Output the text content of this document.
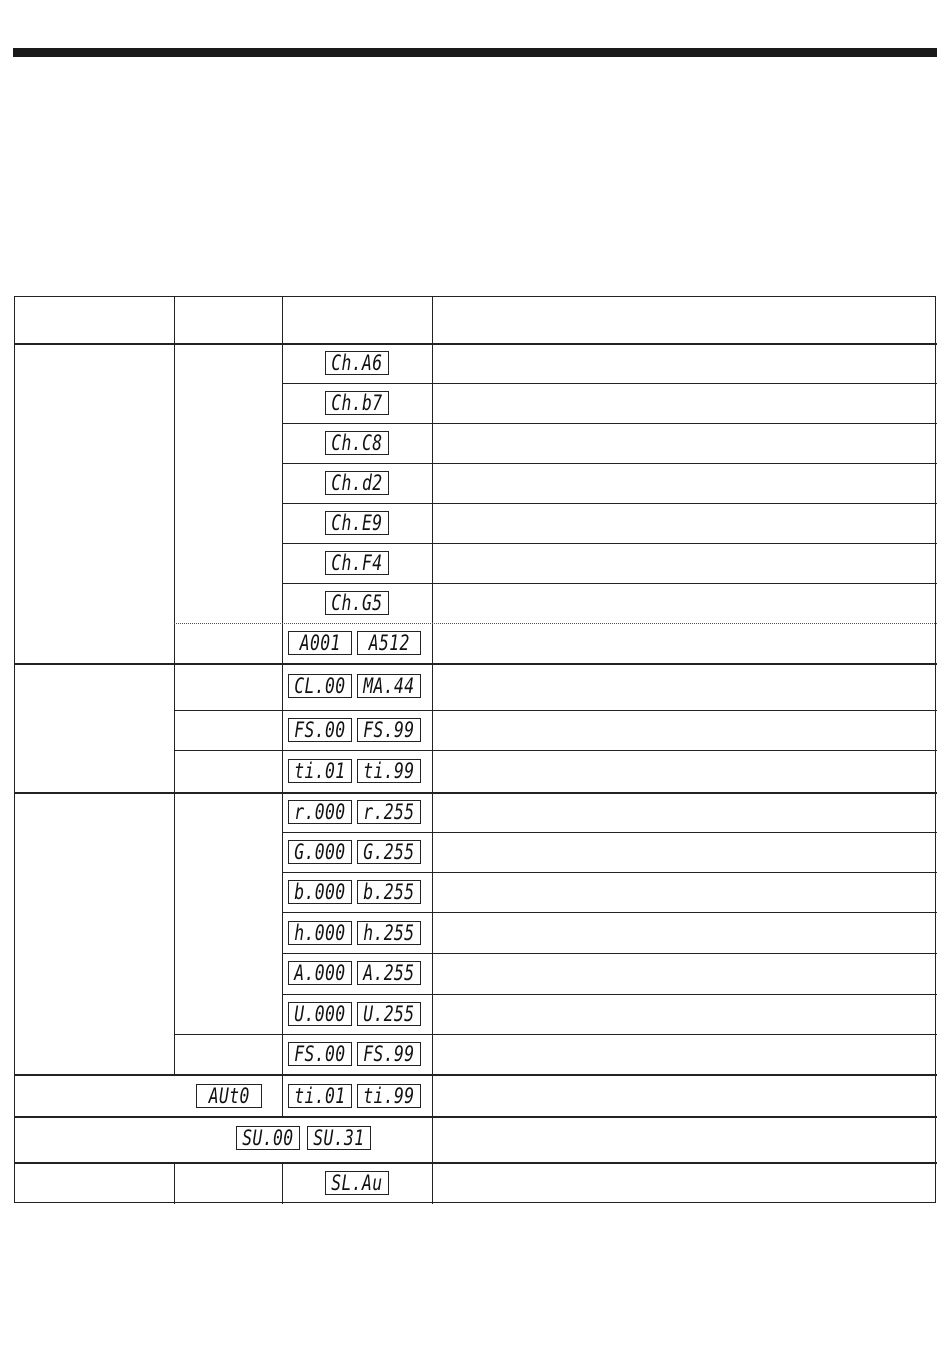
Ch.A6
Ch.b7
Ch.C8
Ch.d2
Ch.E9
Ch.F4
Ch.G5
A001 A512
CL.00 MA.44
FS.00 FS.99
ti.01 ti.99
r.000 r.255
G.000 G.255
b.000 b.255
h.000 h.255
A.000 A.255
U.000 U.255
FS.00 FS.99
AUt0 ti.01 ti.99
SU.00 SU.31
SL.Au
